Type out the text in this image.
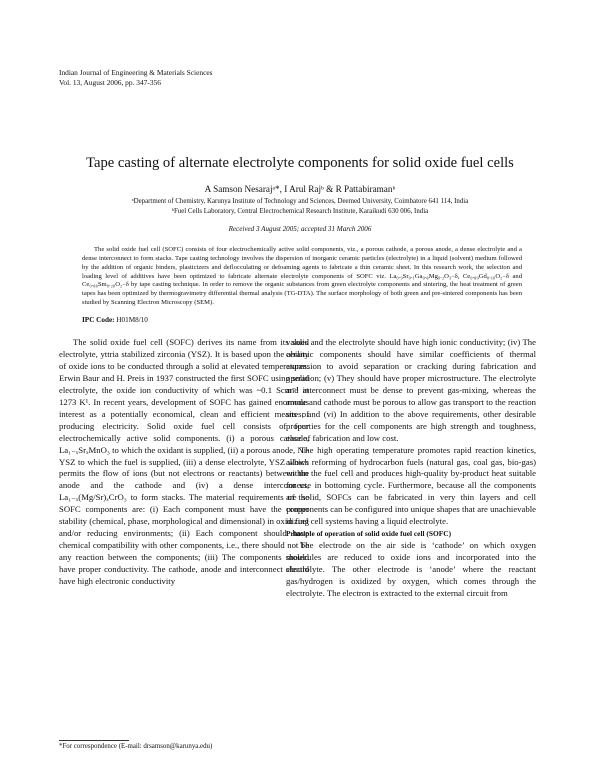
Indian Journal of Engineering & Materials Sciences
Vol. 13, August 2006, pp. 347-356
Tape casting of alternate electrolyte components for solid oxide fuel cells
A Samson Nesarajᵃ*, I Arul Rajᵇ & R Pattabiramanᵇ
ᵃDepartment of Chemistry, Karunya Institute of Technology and Sciences, Deemed University, Coimbatore 641 114, India
ᵇFuel Cells Laboratory, Central Electrochemical Research Institute, Karaikudi 630 006, India
Received 3 August 2005; accepted 31 March 2006

The solid oxide fuel cell (SOFC) consists of four electrochemically active solid components, viz., a porous cathode, a porous anode, a dense electrolyte and a dense interconnect to form stacks. Tape casting technology involves the dispersion of inorganic ceramic particles (electrolyte) in a liquid (solvent) medium followed by the addition of organic binders, plasticizers and deflocculating or defoaming agents to fabricate a thin ceramic sheet. In this research work, the selection and loading level of additives have been optimized to fabricate alternate electrolyte components of SOFC viz. La₀.₉Sr₀.₁Ga₀.₈Mg₀.₂O₃₋δ, Ce₀.₈₉Gd₀.₁₀O₂₋δ and Ce₀.₈₀Sm₀.₂₀O₂₋δ by tape casting technique. In order to remove the organic substances from green electrolyte components and sintering, the heat treatment of green tapes has been optimized by thermogravimetry differential thermal analysis (TG-DTA). The surface morphology of both green and pre-sintered components has been studied by Scanning Electron Microscopy (SEM).

IPC Code: H01M8/10

The solid oxide fuel cell (SOFC) derives its name from its solid electrolyte, yttria stabilized zirconia (YSZ). It is based upon the ability of oxide ions to be conducted through a solid at elevated temperatures. Erwin Baur and H. Preis in 1937 constructed the first SOFC using solid electrolyte, the oxide ion conductivity of which was ~0.1 Scm⁻¹ at 1273 K¹. In recent years, development of SOFC has gained enormous interest as a potentially economical, clean and efficient means of producing electricity. Solid oxide fuel cell consists of four electrochemically active solid components. (i) a porous cathode, La₁₋ₓSrₓMnO₃ to which the oxidant is supplied, (ii) a porous anode, Ni-YSZ to which the fuel is supplied, (iii) a dense electrolyte, YSZ which permits the flow of ions (but not electrons or reactants) between the anode and the cathode and (iv) a dense interconnect, La₁₋ₓ(Mg/Sr)ₓCrO₃ to form stacks. The material requirements of the SOFC components are: (i) Each component must have the proper stability (chemical, phase, morphological and dimensional) in oxidizing and/or reducing environments; (ii) Each component should have chemical compatibility with other components, i.e., there should not be any reaction between the components; (iii) The components should have proper conductivity. The cathode, anode and interconnect should have high electronic conductivity

values and the electrolyte should have high ionic conductivity; (iv) The ceramic components should have similar coefficients of thermal expansion to avoid separation or cracking during fabrication and operation; (v) They should have proper microstructure. The electrolyte and interconnect must be dense to prevent gas-mixing, whereas the anode and cathode must be porous to allow gas transport to the reaction sites; and (vi) In addition to the above requirements, other desirable properties for the cell components are high strength and toughness, ease of fabrication and low cost.

The high operating temperature promotes rapid reaction kinetics, allows reforming of hydrocarbon fuels (natural gas, coal gas, bio-gas) within the fuel cell and produces high-quality by-product heat suitable for use in bottoming cycle. Furthermore, because all the components are solid, SOFCs can be fabricated in very thin layers and cell components can be configured into unique shapes that are unachievable in fuel cell systems having a liquid electrolyte.

Principle of operation of solid oxide fuel cell (SOFC)

The electrode on the air side is ‘cathode’ on which oxygen molecules are reduced to oxide ions and incorporated into the electrolyte. The other electrode is ‘anode’ where the reactant gas/hydrogen is oxidized by oxygen, which comes through the electrolyte. The electron is extracted to the external circuit from

*For correspondence (E-mail: drsamson@karunya.edu)
